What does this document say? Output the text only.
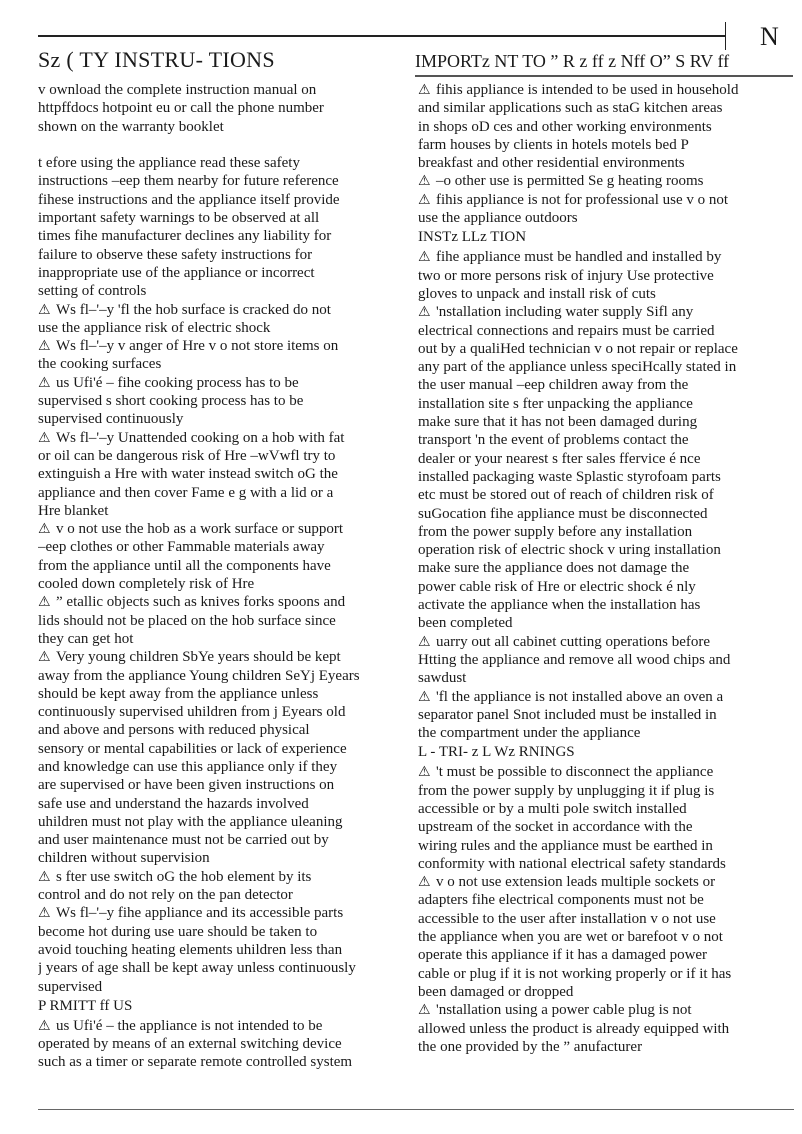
N
Sz ( TY INSTRU- TIONS	IMPORTz NT TO ” R z ff z Nff O” S RV ff
v ownload the complete instruction manual on
httpffdocs hotpoint eu or call the phone number
shown on the warranty booklet
t efore using the appliance read these safety
instructions –eep them nearby for future reference
fihese instructions and the appliance itself provide
important safety warnings to be observed at all
times fihe manufacturer declines any liability for
failure to observe these safety instructions for
inappropriate use of the appliance or incorrect
setting of controls
⚠ Ws fl–'–y 'fl the hob surface is cracked do not
use the appliance risk of electric shock
⚠ Ws fl–'–y v anger of Hre v o not store items on
the cooking surfaces
⚠ us Ufi'é – fihe cooking process has to be
supervised s short cooking process has to be
supervised continuously
⚠ Ws fl–'–y Unattended cooking on a hob with fat
or oil can be dangerous risk of Hre –wVwfl try to
extinguish a Hre with water instead switch oG the
appliance and then cover Fame e g with a lid or a
Hre blanket
⚠ v o not use the hob as a work surface or support
–eep clothes or other Fammable materials away
from the appliance until all the components have
cooled down completely risk of Hre
⚠ ” etallic objects such as knives forks spoons and
lids should not be placed on the hob surface since
they can get hot
⚠ Very young children SbYe years should be kept
away from the appliance Young children SeYj Eyears
should be kept away from the appliance unless
continuously supervised uhildren from j Eyears old
and above and persons with reduced physical
sensory or mental capabilities or lack of experience
and knowledge can use this appliance only if they
are supervised or have been given instructions on
safe use and understand the hazards involved
uhildren must not play with the appliance uleaning
and user maintenance must not be carried out by
children without supervision
⚠ s fter use switch oG the hob element by its
control and do not rely on the pan detector
⚠ Ws fl–'–y fihe appliance and its accessible parts
become hot during use uare should be taken to
avoid touching heating elements uhildren less than
j years of age shall be kept away unless continuously
supervised
P RMITT ff US
⚠ us Ufi'é – the appliance is not intended to be
operated by means of an external switching device
such as a timer or separate remote controlled system
⚠ fihis appliance is intended to be used in household
and similar applications such as staG kitchen areas
in shops oD ces and other working environments
farm houses by clients in hotels motels bed P
breakfast and other residential environments
⚠ –o other use is permitted Se g heating rooms
⚠ fihis appliance is not for professional use v o not
use the appliance outdoors
INSTz LLz TION
⚠ fihe appliance must be handled and installed by
two or more persons risk of injury Use protective
gloves to unpack and install risk of cuts
⚠ 'nstallation including water supply Sifl any
electrical connections and repairs must be carried
out by a qualiHed technician v o not repair or replace
any part of the appliance unless speciHcally stated in
the user manual –eep children away from the
installation site s fter unpacking the appliance
make sure that it has not been damaged during
transport 'n the event of problems contact the
dealer or your nearest s fter sales ffervice é nce
installed packaging waste Splastic styrofoam parts
etc must be stored out of reach of children risk of
suGocation fihe appliance must be disconnected
from the power supply before any installation
operation risk of electric shock v uring installation
make sure the appliance does not damage the
power cable risk of Hre or electric shock é nly
activate the appliance when the installation has
been completed
⚠ uarry out all cabinet cutting operations before
Htting the appliance and remove all wood chips and
sawdust
⚠ 'fl the appliance is not installed above an oven a
separator panel Snot included must be installed in
the compartment under the appliance
L - TRI- z L Wz RNINGS
⚠ 't must be possible to disconnect the appliance
from the power supply by unplugging it if plug is
accessible or by a multi pole switch installed
upstream of the socket in accordance with the
wiring rules and the appliance must be earthed in
conformity with national electrical safety standards
⚠ v o not use extension leads multiple sockets or
adapters fihe electrical components must not be
accessible to the user after installation v o not use
the appliance when you are wet or barefoot v o not
operate this appliance if it has a damaged power
cable or plug if it is not working properly or if it has
been damaged or dropped
⚠ 'nstallation using a power cable plug is not
allowed unless the product is already equipped with
the one provided by the ” anufacturer
